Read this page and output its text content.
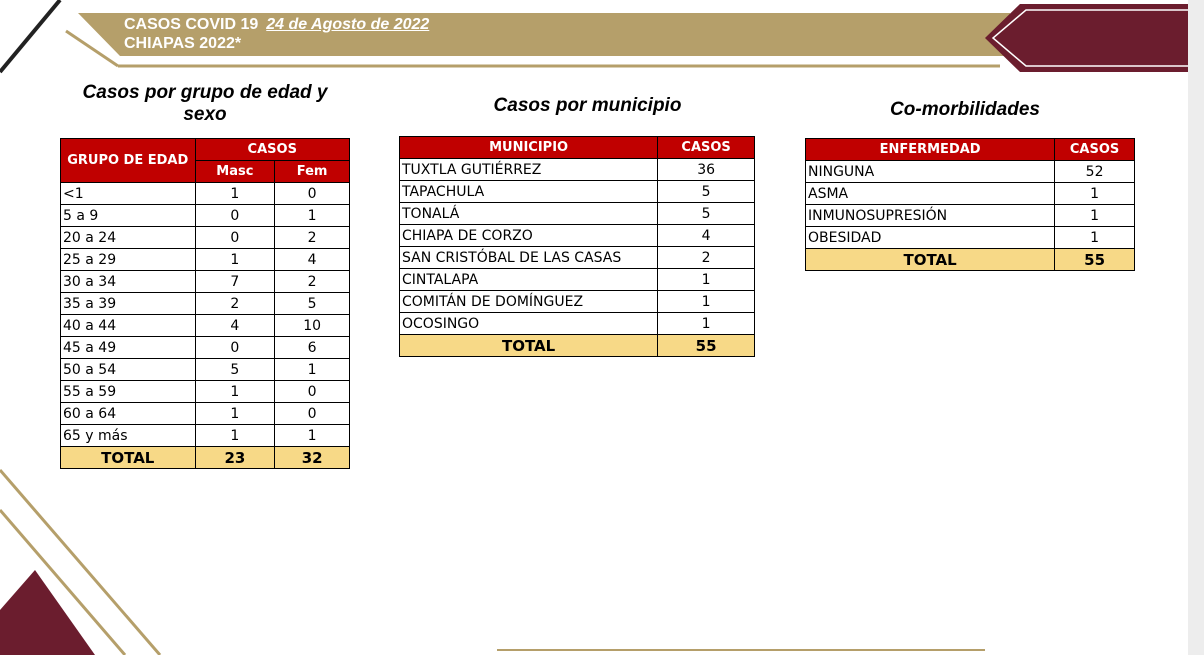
CASOS COVID 19 24 de Agosto de 2022
CHIAPAS 2022*
Casos por grupo de edad y sexo	Casos por municipio	Co-morbilidades
GRUPO DE EDAD	CASOS	
	Masc	Fem
<1	1	0
5 a 9	0	1
20 a 24	0	2
25 a 29	1	4
30 a 34	7	2
35 a 39	2	5
40 a 44	4	10
45 a 49	0	6
50 a 54	5	1
55 a 59	1	0
60 a 64	1	0
65 y más	1	1
TOTAL	23	32
MUNICIPIO	CASOS
TUXTLA GUTIÉRREZ	36
TAPACHULA	5
TONALÁ	5
CHIAPA DE CORZO	4
SAN CRISTÓBAL DE LAS CASAS	2
CINTALAPA	1
COMITÁN DE DOMÍNGUEZ	1
OCOSINGO	1
TOTAL	55
ENFERMEDAD	CASOS
NINGUNA	52
ASMA	1
INMUNOSUPRESIÓN	1
OBESIDAD	1
TOTAL	55
